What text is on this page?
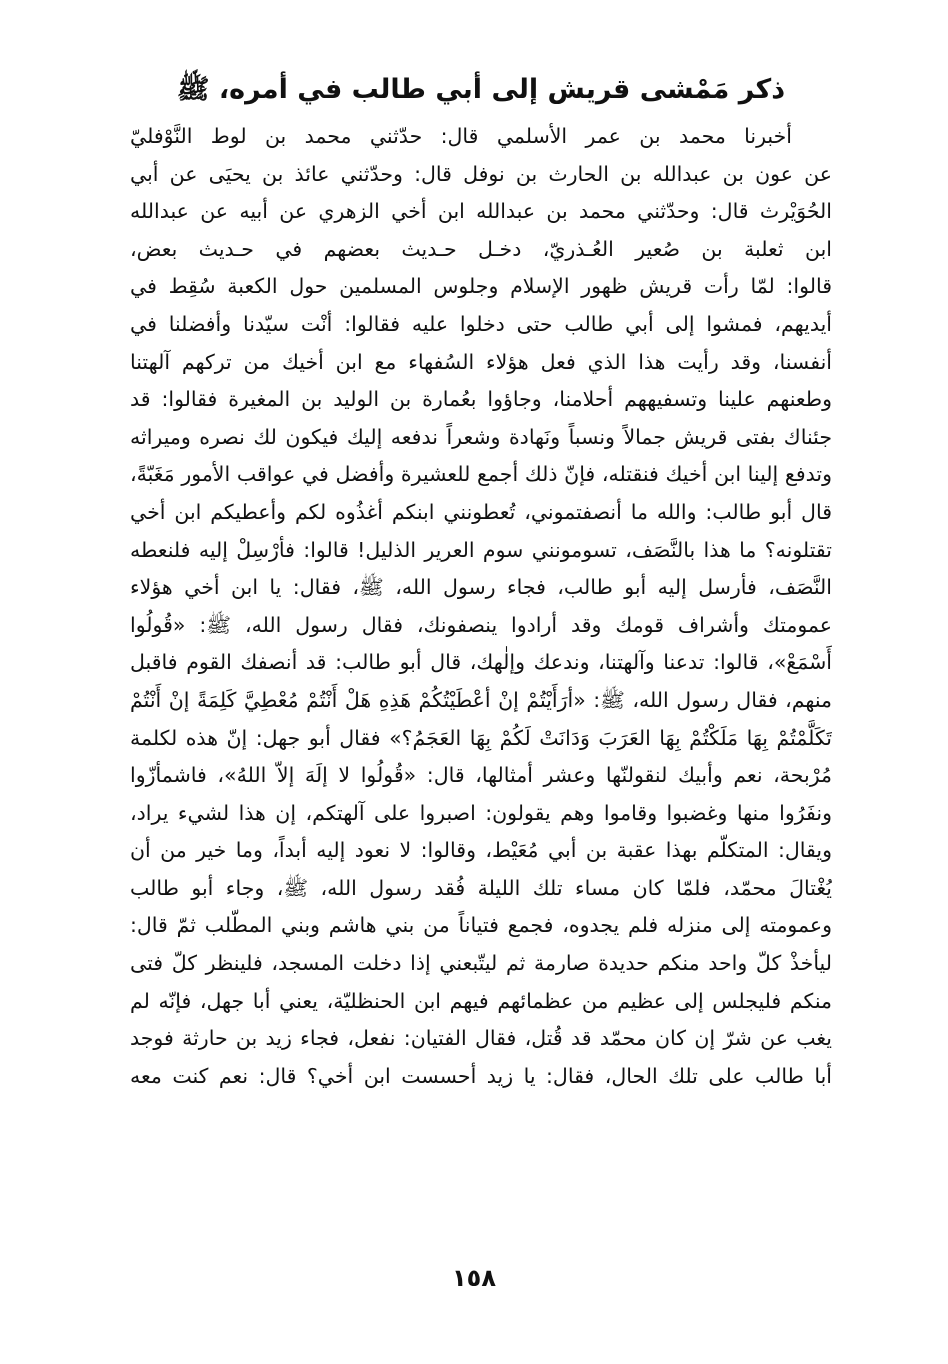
ذكر مَمْشى قريش إلى أبي طالب في أمره، ﷺ
أخبرنا محمد بن عمر الأسلمي قال: حدّثني محمد بن لوط النَّوْفليّ
عن عون بن عبدالله بن الحارث بن نوفل قال: وحدّثني عائذ بن يحيَى عن أبي
الحُوَيْرث قال: وحدّثني محمد بن عبدالله ابن أخي الزهري عن أبيه عن عبدالله
ابن ثعلبة بن صُعير العُـذريّ، دخـل حـديث بعضهم في حـديث بعض،
قالوا: لمّا رأت قريش ظهور الإسلام وجلوس المسلمين حول الكعبة سُقِط في
أيديهم، فمشوا إلى أبي طالب حتى دخلوا عليه فقالوا: أنْت سيّدنا وأفضلنا في
أنفسنا، وقد رأيت هذا الذي فعل هؤلاء السُفهاء مع ابن أخيك من تركهم آلهتنا
وطعنهم علينا وتسفيههم أحلامنا، وجاؤوا بعُمارة بن الوليد بن المغيرة فقالوا: قد
جئناك بفتى قريش جمالاً ونسباً ونَهادة وشعراً ندفعه إليك فيكون لك نصره وميراثه
وتدفع إلينا ابن أخيك فنقتله، فإنّ ذلك أجمع للعشيرة وأفضل في عواقب الأمور مَغَبّةً،
قال أبو طالب: والله ما أنصفتموني، تُعطونني ابنكم أغذُوه لكم وأعطيكم ابن أخي
تقتلونه؟ ما هذا بالنَّصَف، تسومونني سوم العرير الذليل! قالوا: فأرْسِلْ إليه فلنعطه
النَّصَف، فأرسل إليه أبو طالب، فجاء رسول الله، ﷺ، فقال: يا ابن أخي هؤلاء
عمومتك وأشراف قومك وقد أرادوا ينصفونك، فقال رسول الله، ﷺ: «قُولُوا
أَسْمَعْ»، قالوا: تدعنا وآلهتنا، وندعك وإلٰهك، قال أبو طالب: قد أنصفك القوم فاقبل
منهم، فقال رسول الله، ﷺ: «أرَأَيْتُمْ إنْ أعْطَيْتُكُمْ هَذِهِ هَلْ أَنْتُمْ مُعْطِيَّ كَلِمَةً إنْ أَنْتُمْ
تَكَلَّمْتُمْ بِهَا مَلَكْتُمْ بِهَا العَرَبَ وَدَانَتْ لَكُمْ بِهَا العَجَمُ؟» فقال أبو جهل: إنّ هذه لكلمة
مُرْبحة، نعم وأبيك لنقولنّها وعشر أمثالها، قال: «قُولُوا لا إلَهَ إلاّ اللهُ»، فاشمأزّوا
ونفَرُوا منها وغضبوا وقاموا وهم يقولون: اصبروا على آلهتكم، إن هذا لشيء يراد،
ويقال: المتكلّم بهذا عقبة بن أبي مُعَيْط، وقالوا: لا نعود إليه أبداً، وما خير من أن
يُغْتالَ محمّد، فلمّا كان مساء تلك الليلة فُقد رسول الله، ﷺ، وجاء أبو طالب
وعمومته إلى منزله فلم يجدوه، فجمع فتياناً من بني هاشم وبني المطّلب ثمّ قال:
ليأخذْ كلّ واحد منكم حديدة صارمة ثم ليتّبعني إذا دخلت المسجد، فلينظر كلّ فتى
منكم فليجلس إلى عظيم من عظمائهم فيهم ابن الحنظليّة، يعني أبا جهل، فإنّه لم
يغب عن شرّ إن كان محمّد قد قُتل، فقال الفتيان: نفعل، فجاء زيد بن حارثة فوجد
أبا طالب على تلك الحال، فقال: يا زيد أحسست ابن أخي؟ قال: نعم كنت معه
١٥٨
